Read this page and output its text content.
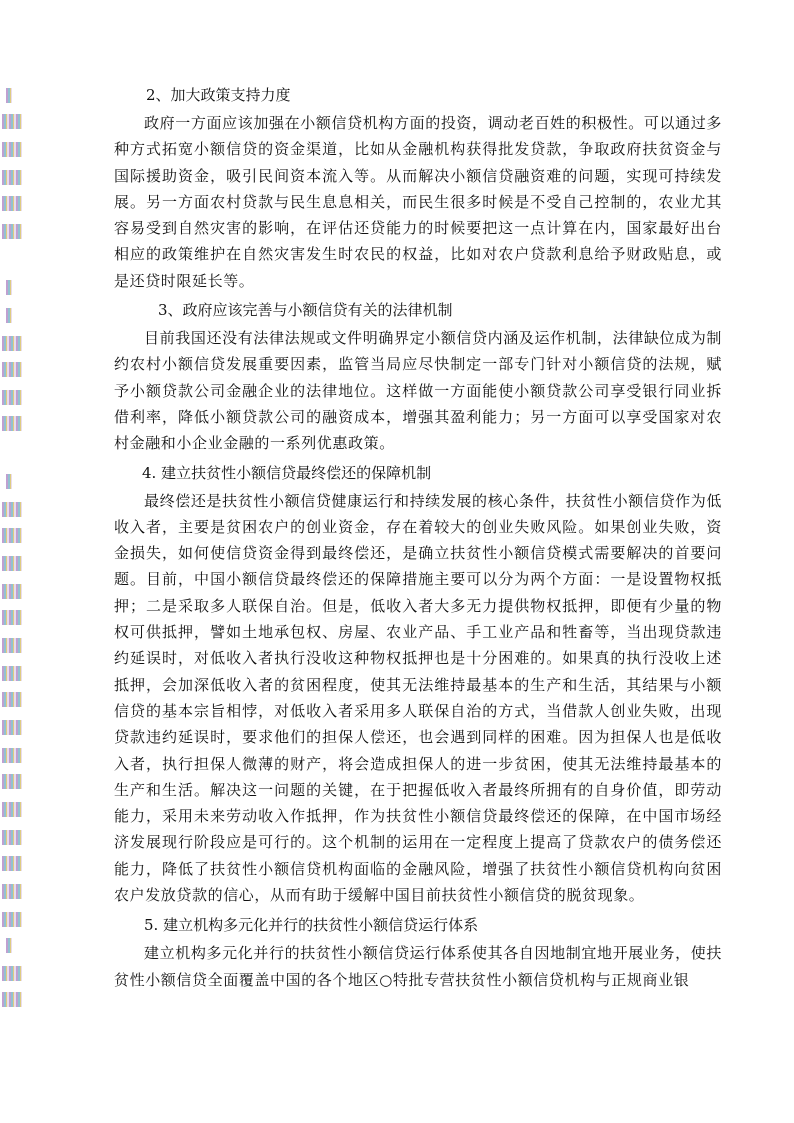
2、加大政策支持力度

政府一方面应该加强在小额信贷机构方面的投资，调动老百姓的积极性。可以通过多种方式拓宽小额信贷的资金渠道，比如从金融机构获得批发贷款，争取政府扶贫资金与国际援助资金，吸引民间资本流入等。从而解决小额信贷融资难的问题，实现可持续发展。另一方面农村贷款与民生息息相关，而民生很多时候是不受自己控制的，农业尤其容易受到自然灾害的影响，在评估还贷能力的时候要把这一点计算在内，国家最好出台相应的政策维护在自然灾害发生时农民的权益，比如对农户贷款利息给予财政贴息，或是还贷时限延长等。

3、政府应该完善与小额信贷有关的法律机制

目前我国还没有法律法规或文件明确界定小额信贷内涵及运作机制，法律缺位成为制约农村小额信贷发展重要因素，监管当局应尽快制定一部专门针对小额信贷的法规，赋予小额贷款公司金融企业的法律地位。这样做一方面能使小额贷款公司享受银行同业拆借利率，降低小额贷款公司的融资成本，增强其盈利能力；另一方面可以享受国家对农村金融和小企业金融的一系列优惠政策。

4. 建立扶贫性小额信贷最终偿还的保障机制

最终偿还是扶贫性小额信贷健康运行和持续发展的核心条件，扶贫性小额信贷作为低收入者，主要是贫困农户的创业资金，存在着较大的创业失败风险。如果创业失败，资金损失，如何使信贷资金得到最终偿还，是确立扶贫性小额信贷模式需要解决的首要问题。目前，中国小额信贷最终偿还的保障措施主要可以分为两个方面：一是设置物权抵押；二是采取多人联保自治。但是，低收入者大多无力提供物权抵押，即便有少量的物权可供抵押，譬如土地承包权、房屋、农业产品、手工业产品和牲畜等，当出现贷款违约延误时，对低收入者执行没收这种物权抵押也是十分困难的。如果真的执行没收上述抵押，会加深低收入者的贫困程度，使其无法维持最基本的生产和生活，其结果与小额信贷的基本宗旨相悖，对低收入者采用多人联保自治的方式，当借款人创业失败，出现贷款违约延误时，要求他们的担保人偿还，也会遇到同样的困难。因为担保人也是低收入者，执行担保人微薄的财产，将会造成担保人的进一步贫困，使其无法维持最基本的生产和生活。解决这一问题的关键，在于把握低收入者最终所拥有的自身价值，即劳动能力，采用未来劳动收入作抵押，作为扶贫性小额信贷最终偿还的保障，在中国市场经济发展现行阶段应是可行的。这个机制的运用在一定程度上提高了贷款农户的债务偿还能力，降低了扶贫性小额信贷机构面临的金融风险，增强了扶贫性小额信贷机构向贫困农户发放贷款的信心，从而有助于缓解中国目前扶贫性小额信贷的脱贫现象。

5. 建立机构多元化并行的扶贫性小额信贷运行体系

建立机构多元化并行的扶贫性小额信贷运行体系使其各自因地制宜地开展业务，使扶贫性小额信贷全面覆盖中国的各个地区○特批专营扶贫性小额信贷机构与正规商业银
